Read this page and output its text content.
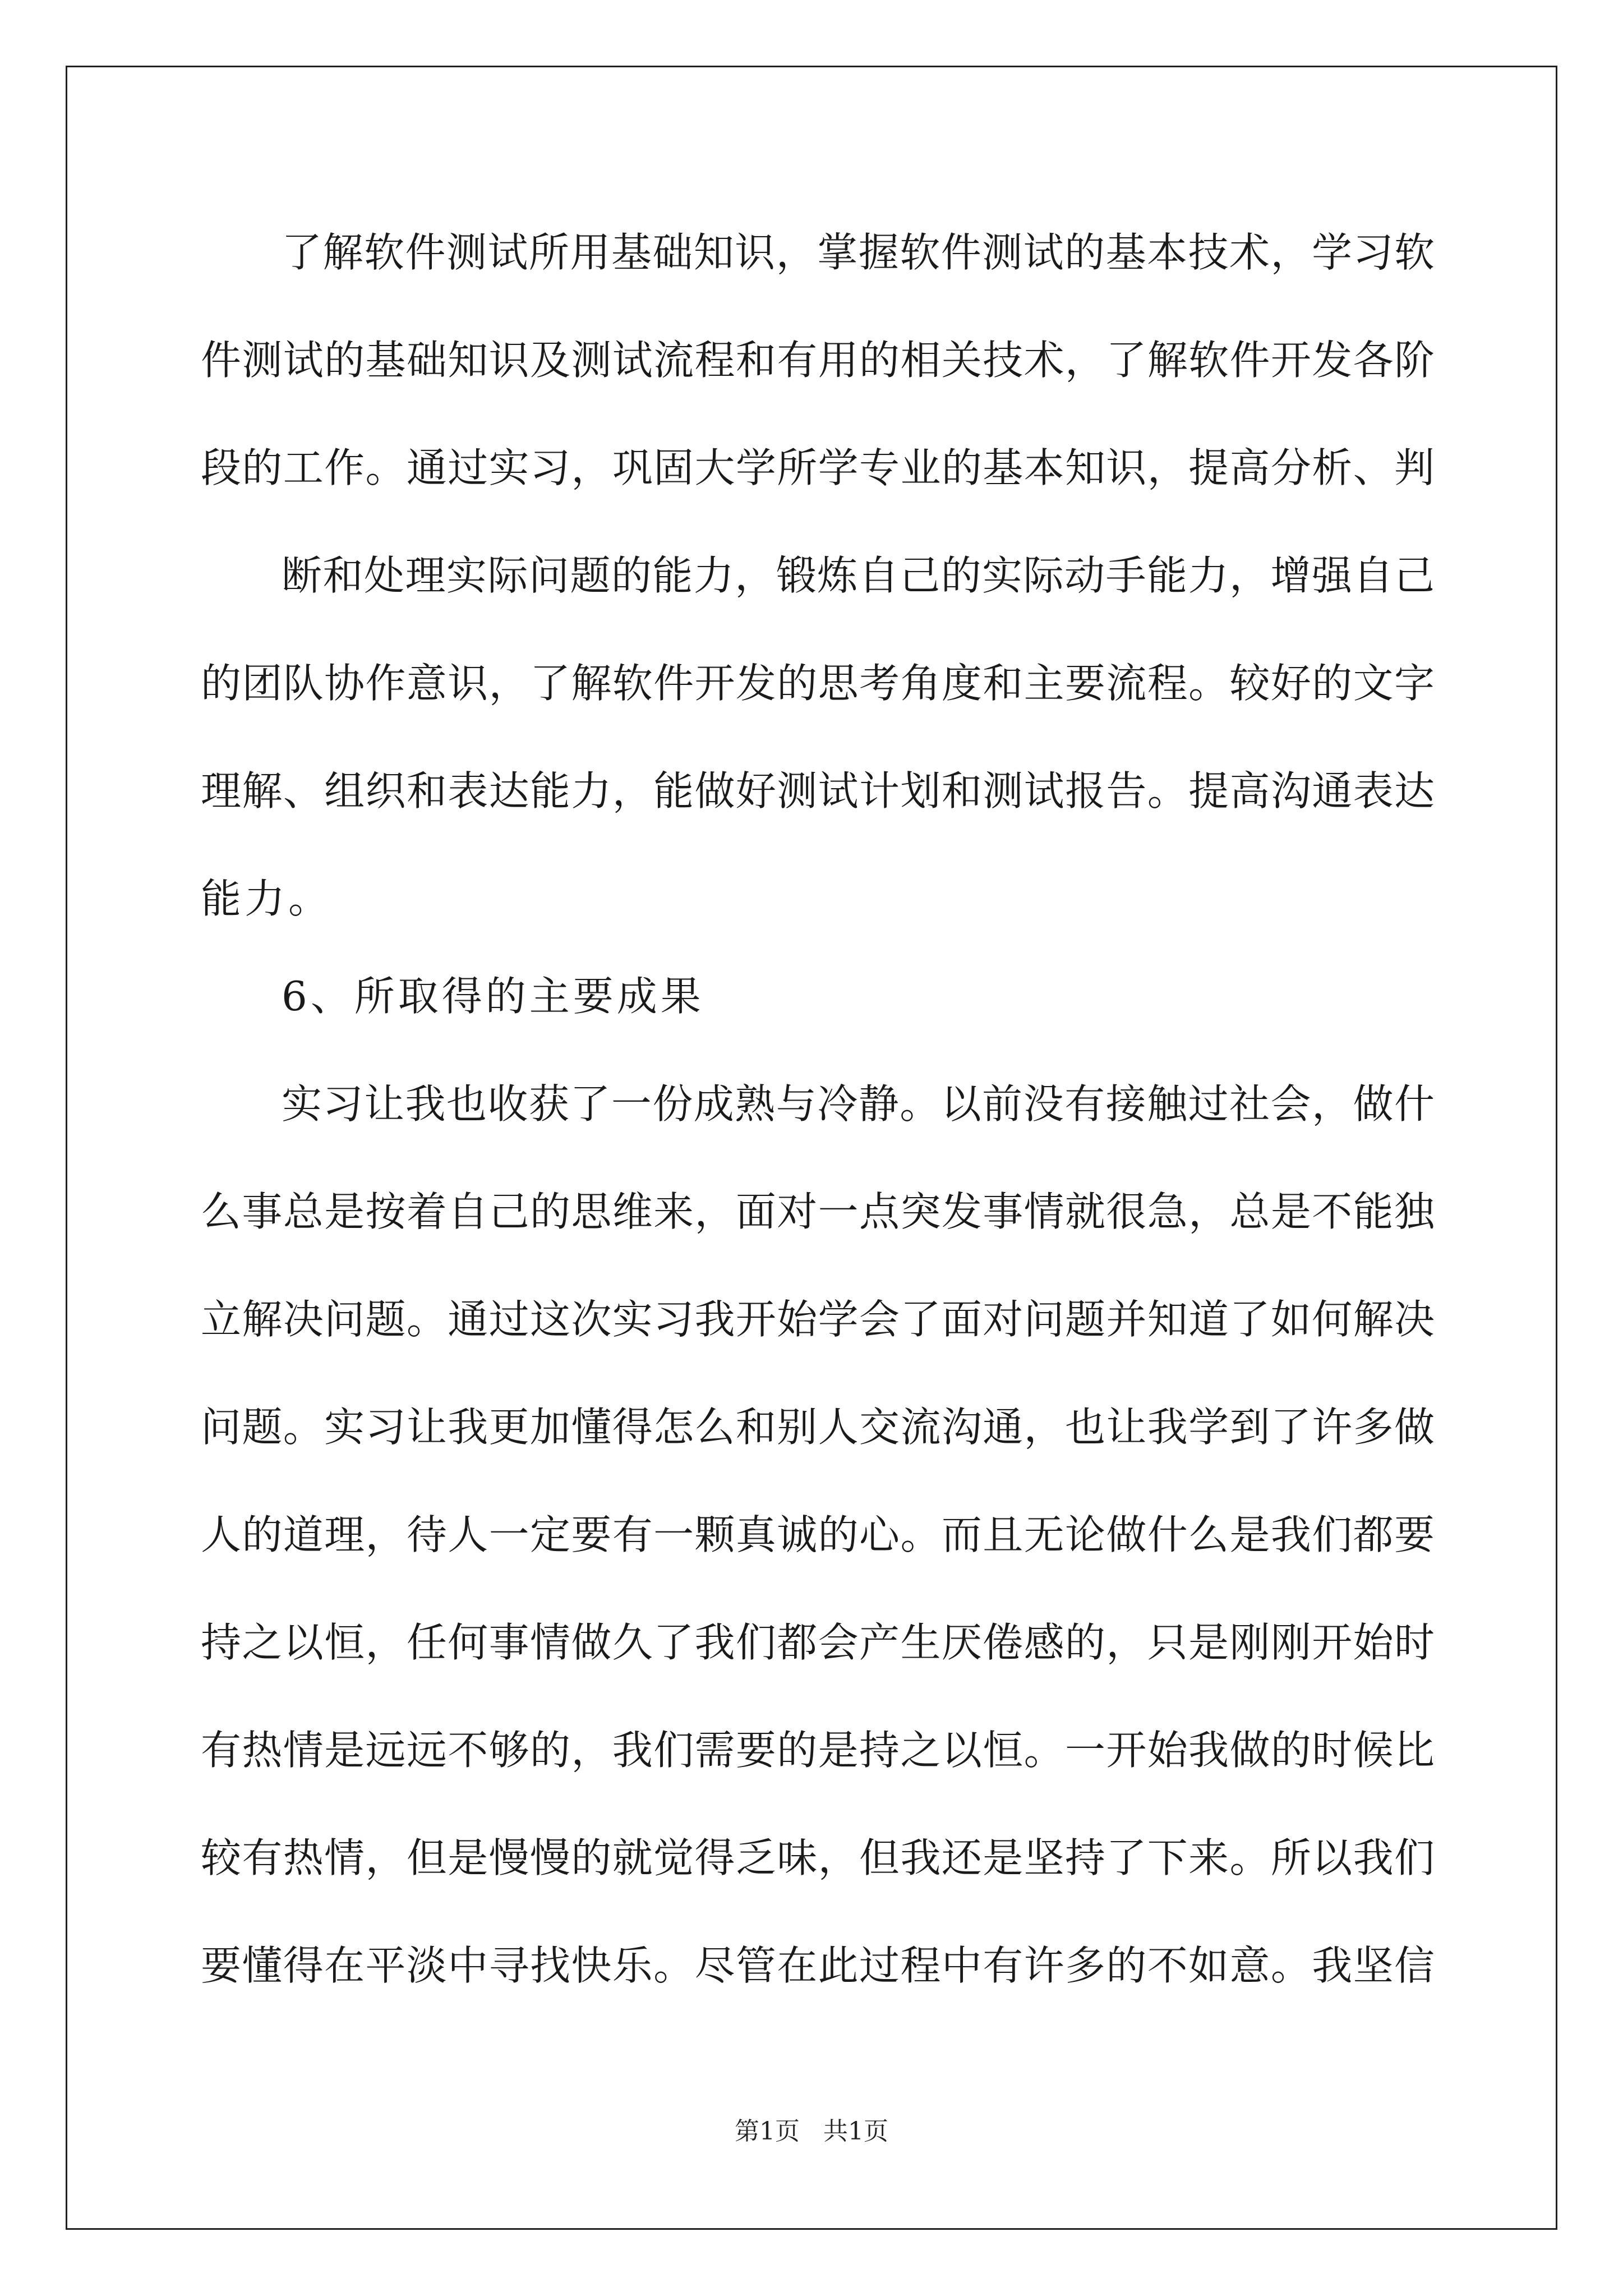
了解软件测试所用基础知识，掌握软件测试的基本技术，学习软
件测试的基础知识及测试流程和有用的相关技术，了解软件开发各阶
段的工作。通过实习，巩固大学所学专业的基本知识，提高分析、判
断和处理实际问题的能力，锻炼自己的实际动手能力，增强自己
的团队协作意识，了解软件开发的思考角度和主要流程。较好的文字
理解、组织和表达能力，能做好测试计划和测试报告。提高沟通表达
能力。
6、所取得的主要成果
实习让我也收获了一份成熟与冷静。以前没有接触过社会，做什
么事总是按着自己的思维来，面对一点突发事情就很急，总是不能独
立解决问题。通过这次实习我开始学会了面对问题并知道了如何解决
问题。实习让我更加懂得怎么和别人交流沟通，也让我学到了许多做
人的道理，待人一定要有一颗真诚的心。而且无论做什么是我们都要
持之以恒，任何事情做久了我们都会产生厌倦感的，只是刚刚开始时
有热情是远远不够的，我们需要的是持之以恒。一开始我做的时候比
较有热情，但是慢慢的就觉得乏味，但我还是坚持了下来。所以我们
要懂得在平淡中寻找快乐。尽管在此过程中有许多的不如意。我坚信
第1页   共1页
